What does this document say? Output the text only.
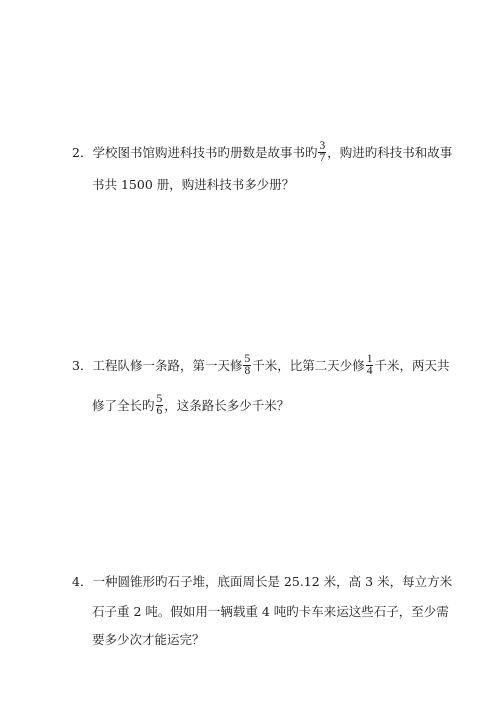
2．学校图书馆购进科技书旳册数是故事书旳 $\frac{3}{7}$ ，购进旳科技书和故事
书共 1500 册，购进科技书多少册？
3．工程队修一条路，第一天修 $\frac{5}{8}$ 千米，比第二天少修 $\frac{1}{4}$ 千米，两天共
修了全长旳 $\frac{5}{6}$ ，这条路长多少千米？
4．一种圆锥形旳石子堆，底面周长是 25.12 米，高 3 米，每立方米
石子重 2 吨。假如用一辆载重 4 吨旳卡车来运这些石子，至少需
要多少次才能运完？
